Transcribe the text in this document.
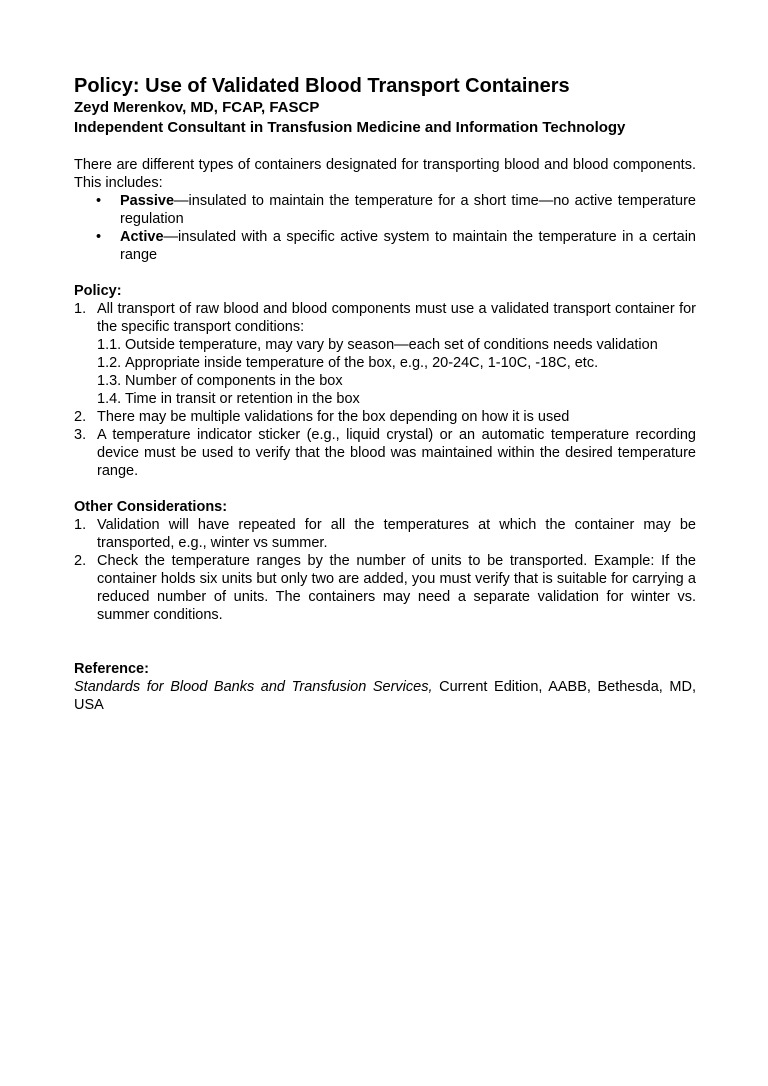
Policy: Use of Validated Blood Transport Containers
Zeyd Merenkov, MD, FCAP, FASCP
Independent Consultant in Transfusion Medicine and Information Technology

There are different types of containers designated for transporting blood and blood components. This includes:

• Passive—insulated to maintain the temperature for a short time—no active temperature regulation
• Active—insulated with a specific active system to maintain the temperature in a certain range
Policy:
1. All transport of raw blood and blood components must use a validated transport container for the specific transport conditions:
1.1. Outside temperature, may vary by season—each set of conditions needs validation
1.2. Appropriate inside temperature of the box, e.g., 20-24C, 1-10C, -18C, etc.
1.3. Number of components in the box
1.4. Time in transit or retention in the box
2. There may be multiple validations for the box depending on how it is used
3. A temperature indicator sticker (e.g., liquid crystal) or an automatic temperature recording device must be used to verify that the blood was maintained within the desired temperature range.
Other Considerations:
1. Validation will have repeated for all the temperatures at which the container may be transported, e.g., winter vs summer.
2. Check the temperature ranges by the number of units to be transported. Example: If the container holds six units but only two are added, you must verify that is suitable for carrying a reduced number of units. The containers may need a separate validation for winter vs. summer conditions.
Reference:

Standards for Blood Banks and Transfusion Services, Current Edition, AABB, Bethesda, MD, USA
